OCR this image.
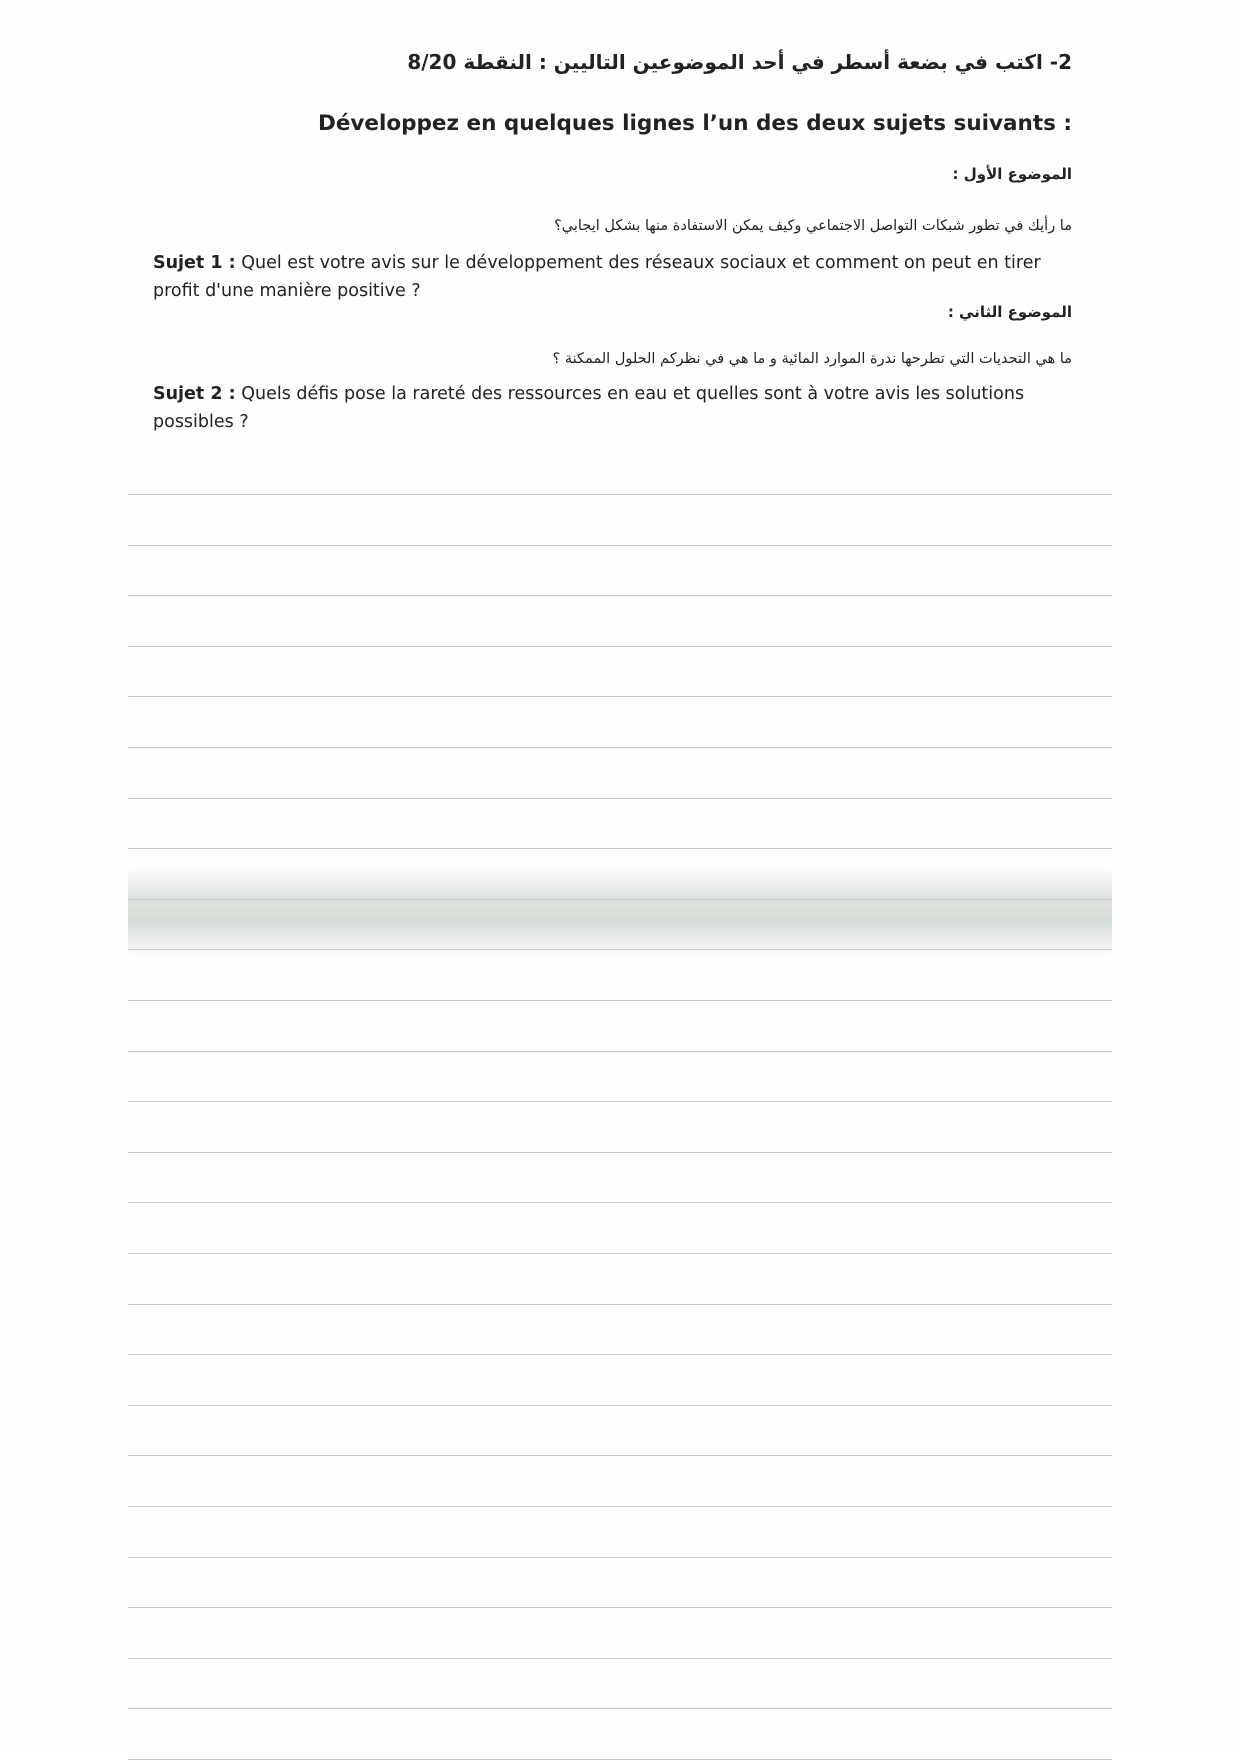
2- اكتب في بضعة أسطر في أحد الموضوعين التاليين : النقطة 8/20
Développez en quelques lignes l’un des deux sujets suivants :
الموضوع الأول :
ما رأيك في تطور شبكات التواصل الاجتماعي وكيف يمكن الاستفادة منها بشكل ايجابي؟
Sujet 1 : Quel est votre avis sur le développement des réseaux sociaux et comment on peut en tirer profit d'une manière positive ?
الموضوع الثاني :
ما هي التحديات التي تطرحها ندرة الموارد المائية و ما هي في نظركم الحلول الممكنة ؟
Sujet 2 : Quels défis pose la rareté des ressources en eau et quelles sont à votre avis les solutions possibles ?
